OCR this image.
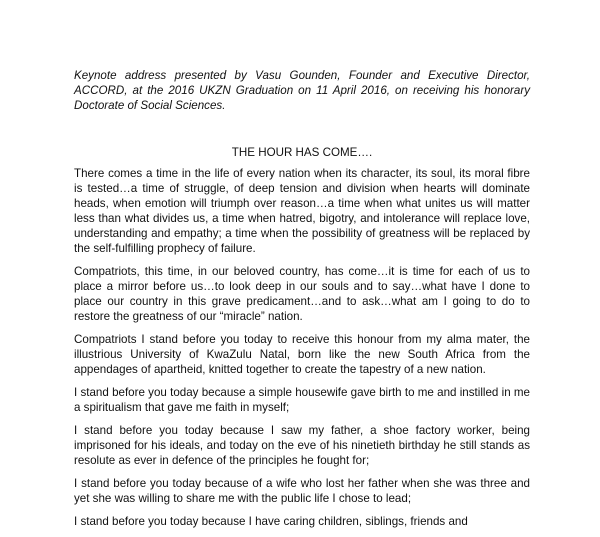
Keynote address presented by Vasu Gounden, Founder and Executive Director, ACCORD, at the 2016 UKZN Graduation on 11 April 2016, on receiving his honorary Doctorate of Social Sciences.

THE HOUR HAS COME….

There comes a time in the life of every nation when its character, its soul, its moral fibre is tested…a time of struggle, of deep tension and division when hearts will dominate heads, when emotion will triumph over reason…a time when what unites us will matter less than what divides us, a time when hatred, bigotry, and intolerance will replace love, understanding and empathy; a time when the possibility of greatness will be replaced by the self-fulfilling prophecy of failure.

Compatriots, this time, in our beloved country, has come…it is time for each of us to place a mirror before us…to look deep in our souls and to say…what have I done to place our country in this grave predicament…and to ask…what am I going to do to restore the greatness of our “miracle” nation.

Compatriots I stand before you today to receive this honour from my alma mater, the illustrious University of KwaZulu Natal, born like the new South Africa from the appendages of apartheid, knitted together to create the tapestry of a new nation.

I stand before you today because a simple housewife gave birth to me and instilled in me a spiritualism that gave me faith in myself;

I stand before you today because I saw my father, a shoe factory worker, being imprisoned for his ideals, and today on the eve of his ninetieth birthday he still stands as resolute as ever in defence of the principles he fought for;

I stand before you today because of a wife who lost her father when she was three and yet she was willing to share me with the public life I chose to lead;

I stand before you today because I have caring children, siblings, friends and
